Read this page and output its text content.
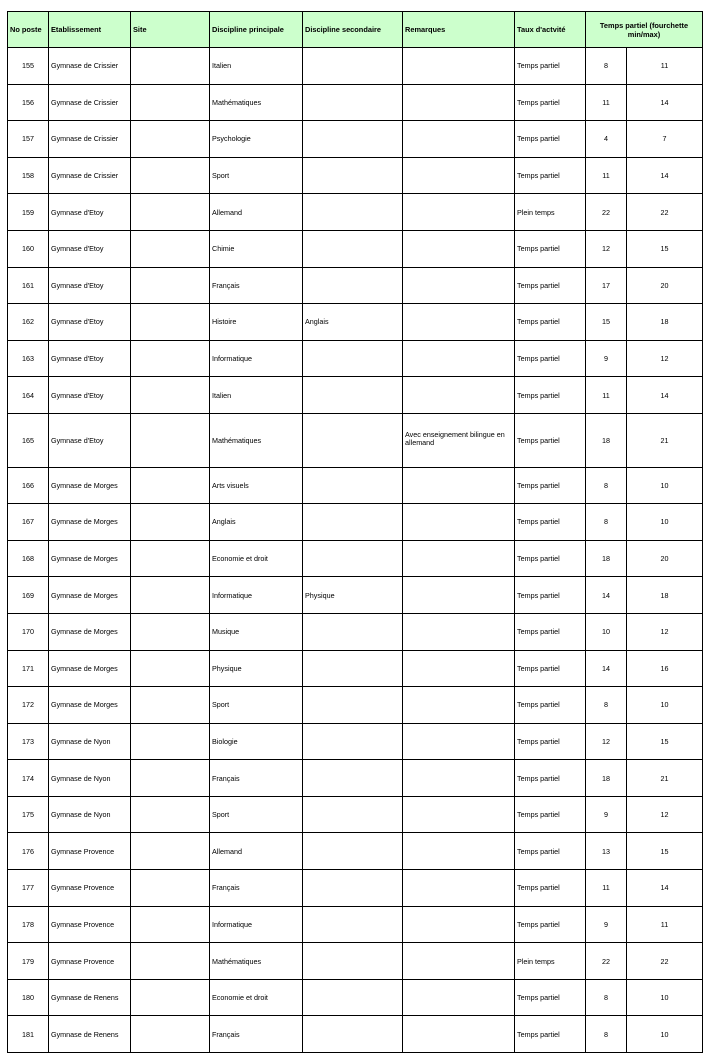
No poste	Etablissement	Site	Discipline principale	Discipline secondaire	Remarques	Taux d'actvité	Temps partiel (fourchette min/max)	
155	Gymnase de Crissier		Italien			Temps partiel	8	11
156	Gymnase de Crissier		Mathématiques			Temps partiel	11	14
157	Gymnase de Crissier		Psychologie			Temps partiel	4	7
158	Gymnase de Crissier		Sport			Temps partiel	11	14
159	Gymnase d'Etoy		Allemand			Plein temps	22	22
160	Gymnase d'Etoy		Chimie			Temps partiel	12	15
161	Gymnase d'Etoy		Français			Temps partiel	17	20
162	Gymnase d'Etoy		Histoire	Anglais		Temps partiel	15	18
163	Gymnase d'Etoy		Informatique			Temps partiel	9	12
164	Gymnase d'Etoy		Italien			Temps partiel	11	14
165	Gymnase d'Etoy		Mathématiques		Avec enseignement bilingue en allemand	Temps partiel	18	21
166	Gymnase de Morges		Arts visuels			Temps partiel	8	10
167	Gymnase de Morges		Anglais			Temps partiel	8	10
168	Gymnase de Morges		Economie et droit			Temps partiel	18	20
169	Gymnase de Morges		Informatique	Physique		Temps partiel	14	18
170	Gymnase de Morges		Musique			Temps partiel	10	12
171	Gymnase de Morges		Physique			Temps partiel	14	16
172	Gymnase de Morges		Sport			Temps partiel	8	10
173	Gymnase de Nyon		Biologie			Temps partiel	12	15
174	Gymnase de Nyon		Français			Temps partiel	18	21
175	Gymnase de Nyon		Sport			Temps partiel	9	12
176	Gymnase Provence		Allemand			Temps partiel	13	15
177	Gymnase Provence		Français			Temps partiel	11	14
178	Gymnase Provence		Informatique			Temps partiel	9	11
179	Gymnase Provence		Mathématiques			Plein temps	22	22
180	Gymnase de Renens		Economie et droit			Temps partiel	8	10
181	Gymnase de Renens		Français			Temps partiel	8	10
